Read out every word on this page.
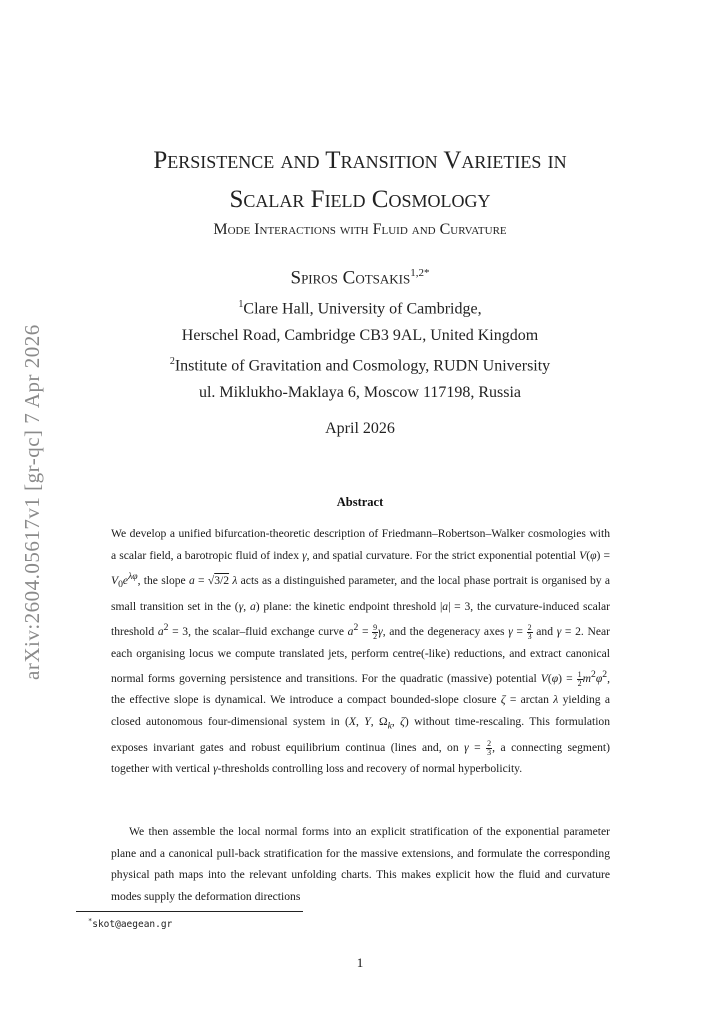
arXiv:2604.05617v1 [gr-qc] 7 Apr 2026
Persistence and Transition Varieties in
Scalar Field Cosmology
Mode Interactions with Fluid and Curvature
Spiros Cotsakis$^{1,2*}$
$^1$Clare Hall, University of Cambridge,
Herschel Road, Cambridge CB3 9AL, United Kingdom
$^2$Institute of Gravitation and Cosmology, RUDN University
ul. Miklukho-Maklaya 6, Moscow 117198, Russia
April 2026
Abstract
We develop a unified bifurcation-theoretic description of Friedmann–Robertson–Walker cosmologies with a scalar field, a barotropic fluid of index γ, and spatial curvature. For the strict exponential potential $V(\varphi) = V_0e^{\lambda\varphi}$, the slope a = √3/2 λ acts as a distinguished parameter, and the local phase portrait is organised by a small transition set in the (γ, a) plane: the kinetic endpoint threshold |a| = 3, the curvature-induced scalar threshold $a^2 = 3$, the scalar–fluid exchange curve $a^2 = \frac{9}{2} \gamma$, and the degeneracy axes $\gamma = \frac{2}{3}$ and γ = 2. Near each organising locus we compute translated jets, perform centre(-like) reductions, and extract canonical normal forms governing persistence and transitions. For the quadratic (massive) potential $V(\varphi) = \frac{1}{2} m^2\varphi^2$, the effective slope is dynamical. We introduce a compact bounded-slope closure ζ = arctan λ yielding a closed autonomous four-dimensional system in (X, Y, $\Omega_k$, ζ) without time-rescaling. This formulation exposes invariant gates and robust equilibrium continua (lines and, on $\gamma = \frac{2}{3}$ , a connecting segment) together with vertical γ-thresholds controlling loss and recovery of normal hyperbolicity.
We then assemble the local normal forms into an explicit stratification of the exponential parameter plane and a canonical pull-back stratification for the massive extensions, and formulate the corresponding physical path maps into the relevant unfolding charts. This makes explicit how the fluid and curvature modes supply the deformation directions
*skot@aegean.gr
1
